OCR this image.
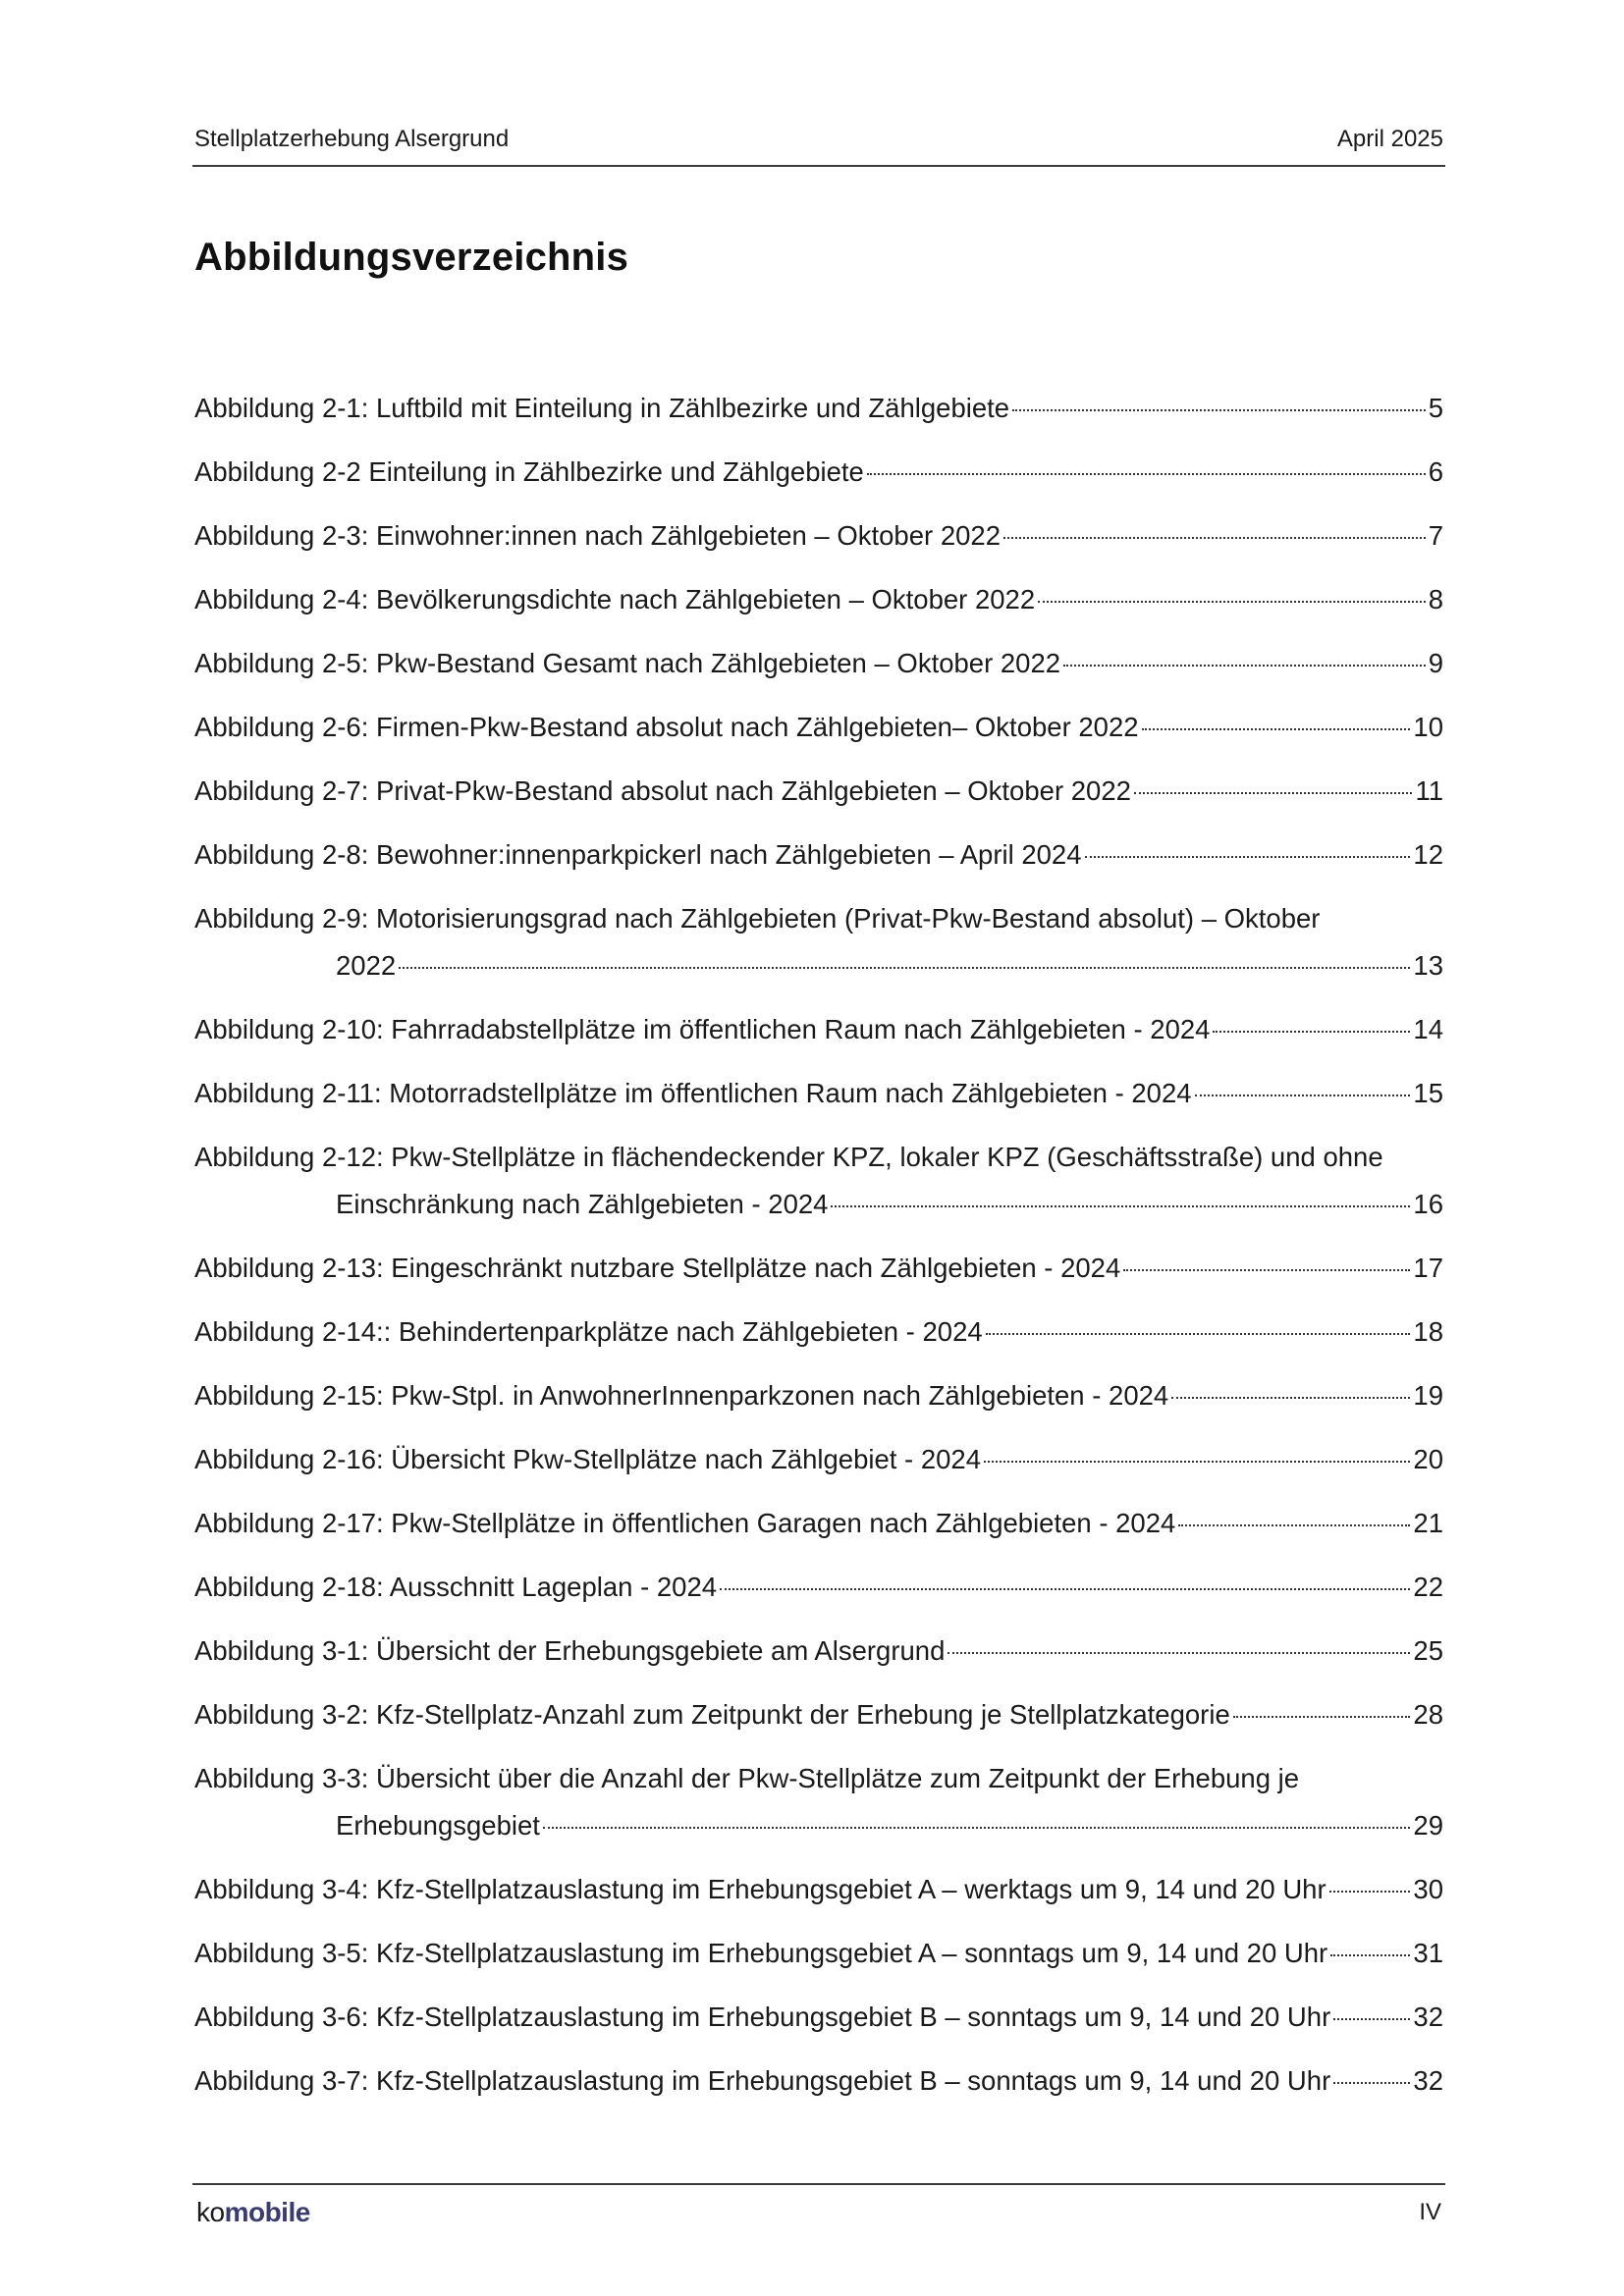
Stellplatzerhebung Alsergrund	April 2025
Abbildungsverzeichnis
Abbildung 2-1: Luftbild mit Einteilung in Zählbezirke und Zählgebiete	5
Abbildung 2-2 Einteilung in Zählbezirke und Zählgebiete	6
Abbildung 2-3: Einwohner:innen nach Zählgebieten – Oktober 2022	7
Abbildung 2-4: Bevölkerungsdichte nach Zählgebieten – Oktober 2022	8
Abbildung 2-5: Pkw-Bestand Gesamt nach Zählgebieten – Oktober 2022	9
Abbildung 2-6: Firmen-Pkw-Bestand absolut nach Zählgebieten– Oktober 2022	10
Abbildung 2-7: Privat-Pkw-Bestand absolut nach Zählgebieten – Oktober 2022	11
Abbildung 2-8: Bewohner:innenparkpickerl nach Zählgebieten – April 2024	12
Abbildung 2-9: Motorisierungsgrad nach Zählgebieten (Privat-Pkw-Bestand absolut) – Oktober
2022	13
Abbildung 2-10: Fahrradabstellplätze im öffentlichen Raum nach Zählgebieten - 2024	14
Abbildung 2-11: Motorradstellplätze im öffentlichen Raum nach Zählgebieten - 2024	15
Abbildung 2-12: Pkw-Stellplätze in flächendeckender KPZ, lokaler KPZ (Geschäftsstraße) und ohne
Einschränkung nach Zählgebieten - 2024	16
Abbildung 2-13: Eingeschränkt nutzbare Stellplätze nach Zählgebieten - 2024	17
Abbildung 2-14:: Behindertenparkplätze nach Zählgebieten - 2024	18
Abbildung 2-15: Pkw-Stpl. in AnwohnerInnenparkzonen nach Zählgebieten - 2024	19
Abbildung 2-16: Übersicht Pkw-Stellplätze nach Zählgebiet - 2024	20
Abbildung 2-17: Pkw-Stellplätze in öffentlichen Garagen nach Zählgebieten - 2024	21
Abbildung 2-18: Ausschnitt Lageplan - 2024	22
Abbildung 3-1: Übersicht der Erhebungsgebiete am Alsergrund	25
Abbildung 3-2: Kfz-Stellplatz-Anzahl zum Zeitpunkt der Erhebung je Stellplatzkategorie	28
Abbildung 3-3: Übersicht über die Anzahl der Pkw-Stellplätze zum Zeitpunkt der Erhebung je
Erhebungsgebiet	29
Abbildung 3-4: Kfz-Stellplatzauslastung im Erhebungsgebiet A – werktags um 9, 14 und 20 Uhr	30
Abbildung 3-5: Kfz-Stellplatzauslastung im Erhebungsgebiet A – sonntags um 9, 14 und 20 Uhr	31
Abbildung 3-6: Kfz-Stellplatzauslastung im Erhebungsgebiet B – sonntags um 9, 14 und 20 Uhr	32
Abbildung 3-7: Kfz-Stellplatzauslastung im Erhebungsgebiet B – sonntags um 9, 14 und 20 Uhr	32
komobile	IV
